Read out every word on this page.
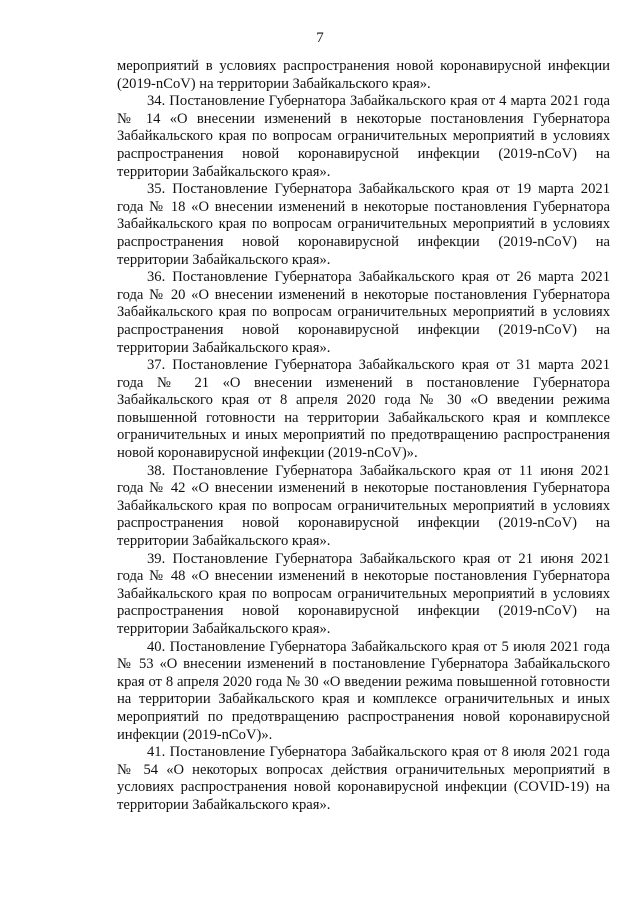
7

мероприятий в условиях распространения новой коронавирусной инфекции (2019-nCoV) на территории Забайкальского края».

34. Постановление Губернатора Забайкальского края от 4 марта 2021 года № 14 «О внесении изменений в некоторые постановления Губернатора Забайкальского края по вопросам ограничительных мероприятий в условиях распространения новой коронавирусной инфекции (2019-nCoV) на территории Забайкальского края».

35. Постановление Губернатора Забайкальского края от 19 марта 2021 года № 18 «О внесении изменений в некоторые постановления Губернатора Забайкальского края по вопросам ограничительных мероприятий в условиях распространения новой коронавирусной инфекции (2019-nCoV) на территории Забайкальского края».

36. Постановление Губернатора Забайкальского края от 26 марта 2021 года № 20 «О внесении изменений в некоторые постановления Губернатора Забайкальского края по вопросам ограничительных мероприятий в условиях распространения новой коронавирусной инфекции (2019-nCoV) на территории Забайкальского края».

37. Постановление Губернатора Забайкальского края от 31 марта 2021 года № 21 «О внесении изменений в постановление Губернатора Забайкальского края от 8 апреля 2020 года № 30 «О введении режима повышенной готовности на территории Забайкальского края и комплексе ограничительных и иных мероприятий по предотвращению распространения новой коронавирусной инфекции (2019-nCoV)».

38. Постановление Губернатора Забайкальского края от 11 июня 2021 года № 42 «О внесении изменений в некоторые постановления Губернатора Забайкальского края по вопросам ограничительных мероприятий в условиях распространения новой коронавирусной инфекции (2019-nCoV) на территории Забайкальского края».

39. Постановление Губернатора Забайкальского края от 21 июня 2021 года № 48 «О внесении изменений в некоторые постановления Губернатора Забайкальского края по вопросам ограничительных мероприятий в условиях распространения новой коронавирусной инфекции (2019-nCoV) на территории Забайкальского края».

40. Постановление Губернатора Забайкальского края от 5 июля 2021 года № 53 «О внесении изменений в постановление Губернатора Забайкальского края от 8 апреля 2020 года № 30 «О введении режима повышенной готовности на территории Забайкальского края и комплексе ограничительных и иных мероприятий по предотвращению распространения новой коронавирусной инфекции (2019-nCoV)».

41. Постановление Губернатора Забайкальского края от 8 июля 2021 года № 54 «О некоторых вопросах действия ограничительных мероприятий в условиях распространения новой коронавирусной инфекции (COVID-19) на территории Забайкальского края».
